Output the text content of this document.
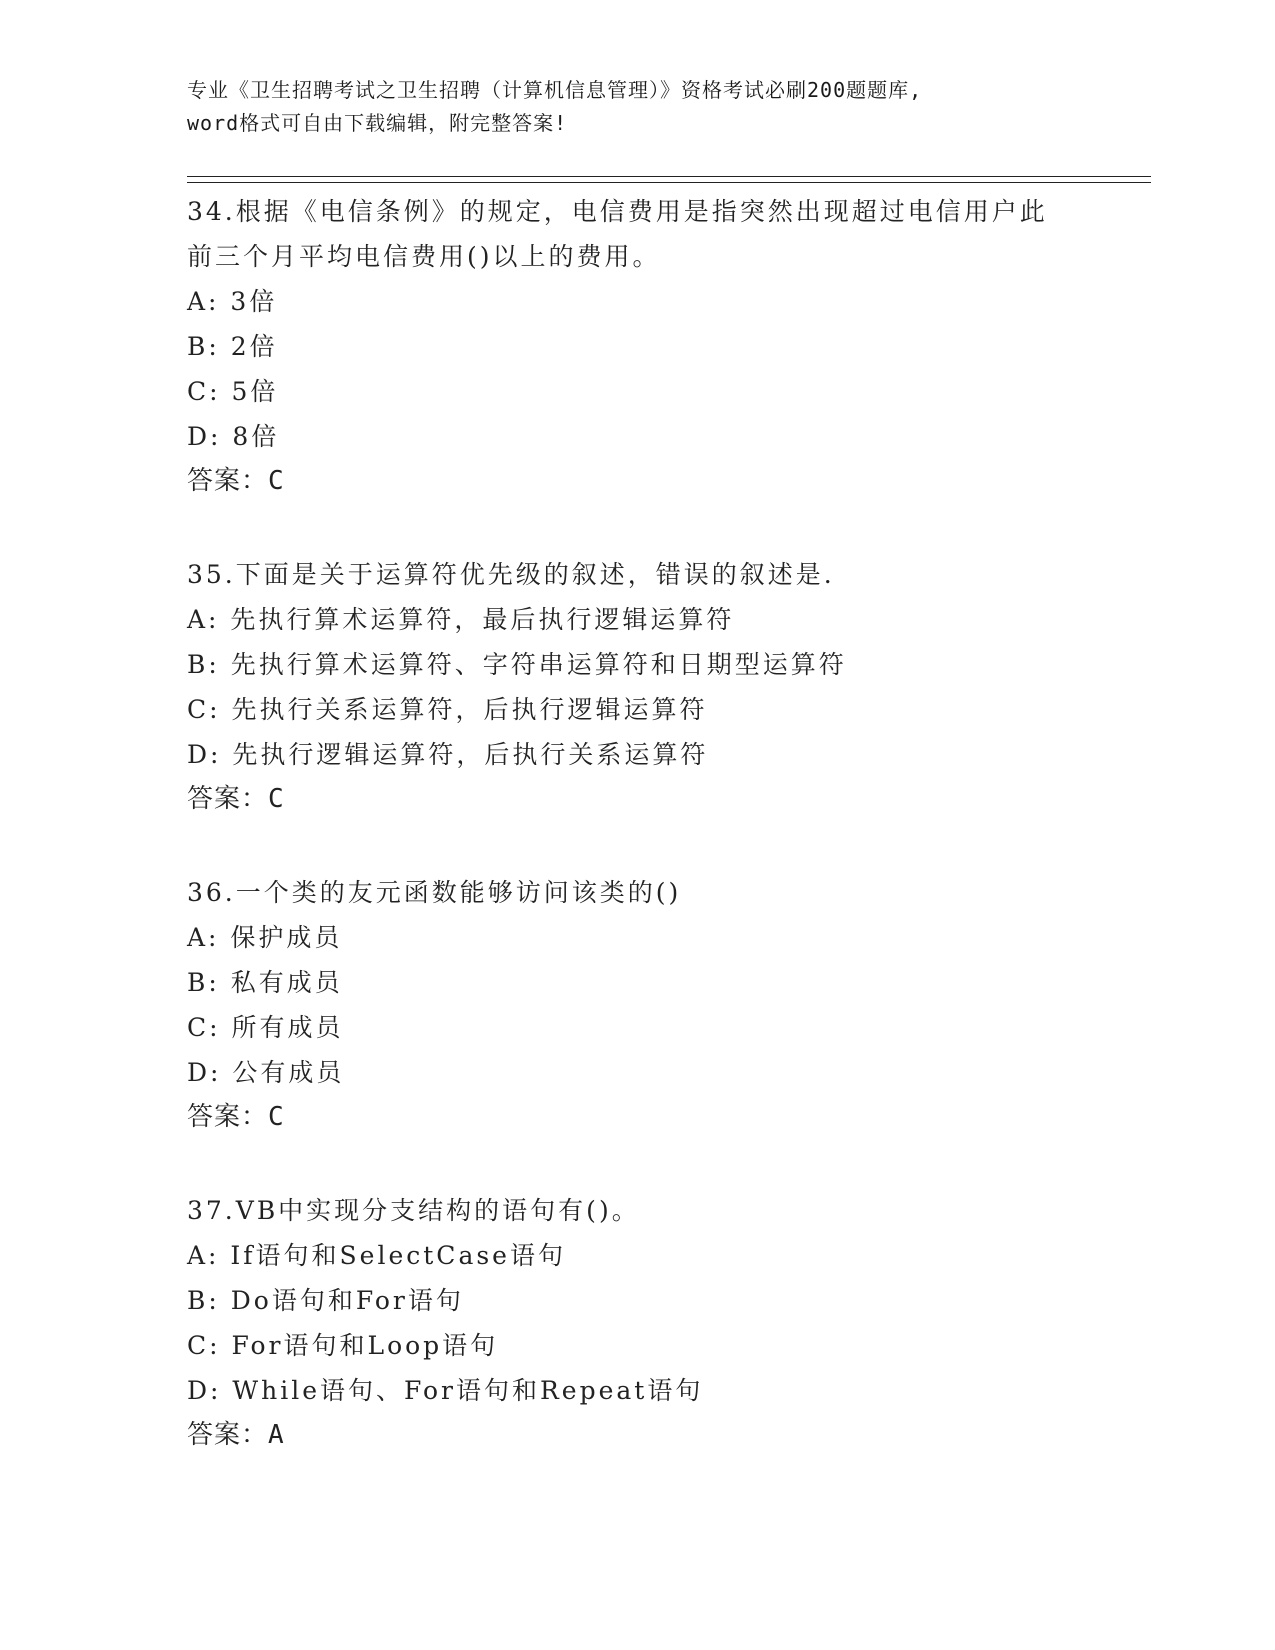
专业《卫生招聘考试之卫生招聘（计算机信息管理）》资格考试必刷200题题库,
word格式可自由下载编辑，附完整答案!

34.根据《电信条例》的规定，电信费用是指突然出现超过电信用户此

前三个月平均电信费用()以上的费用。

A: 3倍
B: 2倍
C: 5倍
D: 8倍
答案：C

35.下面是关于运算符优先级的叙述，错误的叙述是.

A: 先执行算术运算符，最后执行逻辑运算符
B: 先执行算术运算符、字符串运算符和日期型运算符
C: 先执行关系运算符，后执行逻辑运算符
D: 先执行逻辑运算符，后执行关系运算符
答案：C

36.一个类的友元函数能够访问该类的()

A: 保护成员
B: 私有成员
C: 所有成员
D: 公有成员
答案：C

37.VB中实现分支结构的语句有()。

A: If语句和SelectCase语句
B: Do语句和For语句
C: For语句和Loop语句
D: While语句、For语句和Repeat语句
答案：A
